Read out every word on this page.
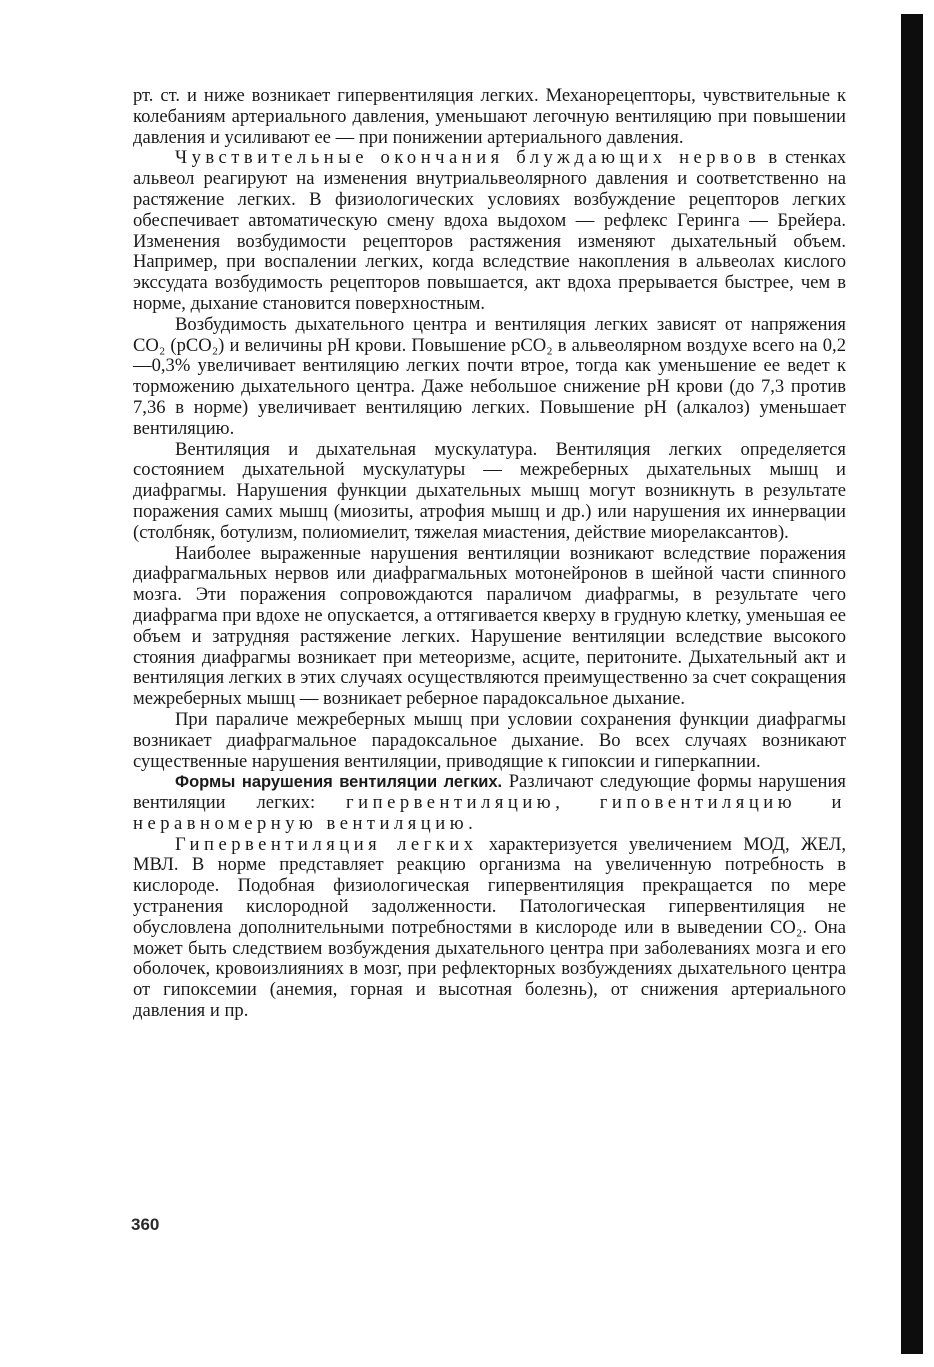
рт. ст. и ниже возникает гипервентиляция легких. Механорецепторы, чувствительные к колебаниям артериального давления, уменьшают легочную вентиляцию при повышении давления и усиливают ее — при понижении артериального давления.

Чувствительные окончания блуждающих нервов в стенках альвеол реагируют на изменения внутриальвеолярного давления и соответственно на растяжение легких. В физиологических условиях возбуждение рецепторов легких обеспечивает автоматическую смену вдоха выдохом — рефлекс Геринга — Брейера. Изменения возбудимости рецепторов растяжения изменяют дыхательный объем. Например, при воспалении легких, когда вследствие накопления в альвеолах кислого экссудата возбудимость рецепторов повышается, акт вдоха прерывается быстрее, чем в норме, дыхание становится поверхностным.

Возбудимость дыхательного центра и вентиляция легких зависят от напряжения CO₂ (pCO₂) и величины pH крови. Повышение pCO₂ в альвеолярном воздухе всего на 0,2—0,3% увеличивает вентиляцию легких почти втрое, тогда как уменьшение ее ведет к торможению дыхательного центра. Даже небольшое снижение pH крови (до 7,3 против 7,36 в норме) увеличивает вентиляцию легких. Повышение pH (алкалоз) уменьшает вентиляцию.

Вентиляция и дыхательная мускулатура. Вентиляция легких определяется состоянием дыхательной мускулатуры — межреберных дыхательных мышц и диафрагмы. Нарушения функции дыхательных мышц могут возникнуть в результате поражения самих мышц (миозиты, атрофия мышц и др.) или нарушения их иннервации (столбняк, ботулизм, полиомиелит, тяжелая миастения, действие миорелаксантов).

Наиболее выраженные нарушения вентиляции возникают вследствие поражения диафрагмальных нервов или диафрагмальных мотонейронов в шейной части спинного мозга. Эти поражения сопровождаются параличом диафрагмы, в результате чего диафрагма при вдохе не опускается, а оттягивается кверху в грудную клетку, уменьшая ее объем и затрудняя растяжение легких. Нарушение вентиляции вследствие высокого стояния диафрагмы возникает при метеоризме, асците, перитоните. Дыхательный акт и вентиляция легких в этих случаях осуществляются преимущественно за счет сокращения межреберных мышц — возникает реберное парадоксальное дыхание.

При параличе межреберных мышц при условии сохранения функции диафрагмы возникает диафрагмальное парадоксальное дыхание. Во всех случаях возникают существенные нарушения вентиляции, приводящие к гипоксии и гиперкапнии.

Формы нарушения вентиляции легких. Различают следующие формы нарушения вентиляции легких: гипервентиляцию, гиповентиляцию и неравномерную вентиляцию.

Гипервентиляция легких характеризуется увеличением МОД, ЖЕЛ, МВЛ. В норме представляет реакцию организма на увеличенную потребность в кислороде. Подобная физиологическая гипервентиляция прекращается по мере устранения кислородной задолженности. Патологическая гипервентиляция не обусловлена дополнительными потребностями в кислороде или в выведении CO₂. Она может быть следствием возбуждения дыхательного центра при заболеваниях мозга и его оболочек, кровоизлияниях в мозг, при рефлекторных возбуждениях дыхательного центра от гипоксемии (анемия, горная и высотная болезнь), от снижения артериального давления и пр.

360
